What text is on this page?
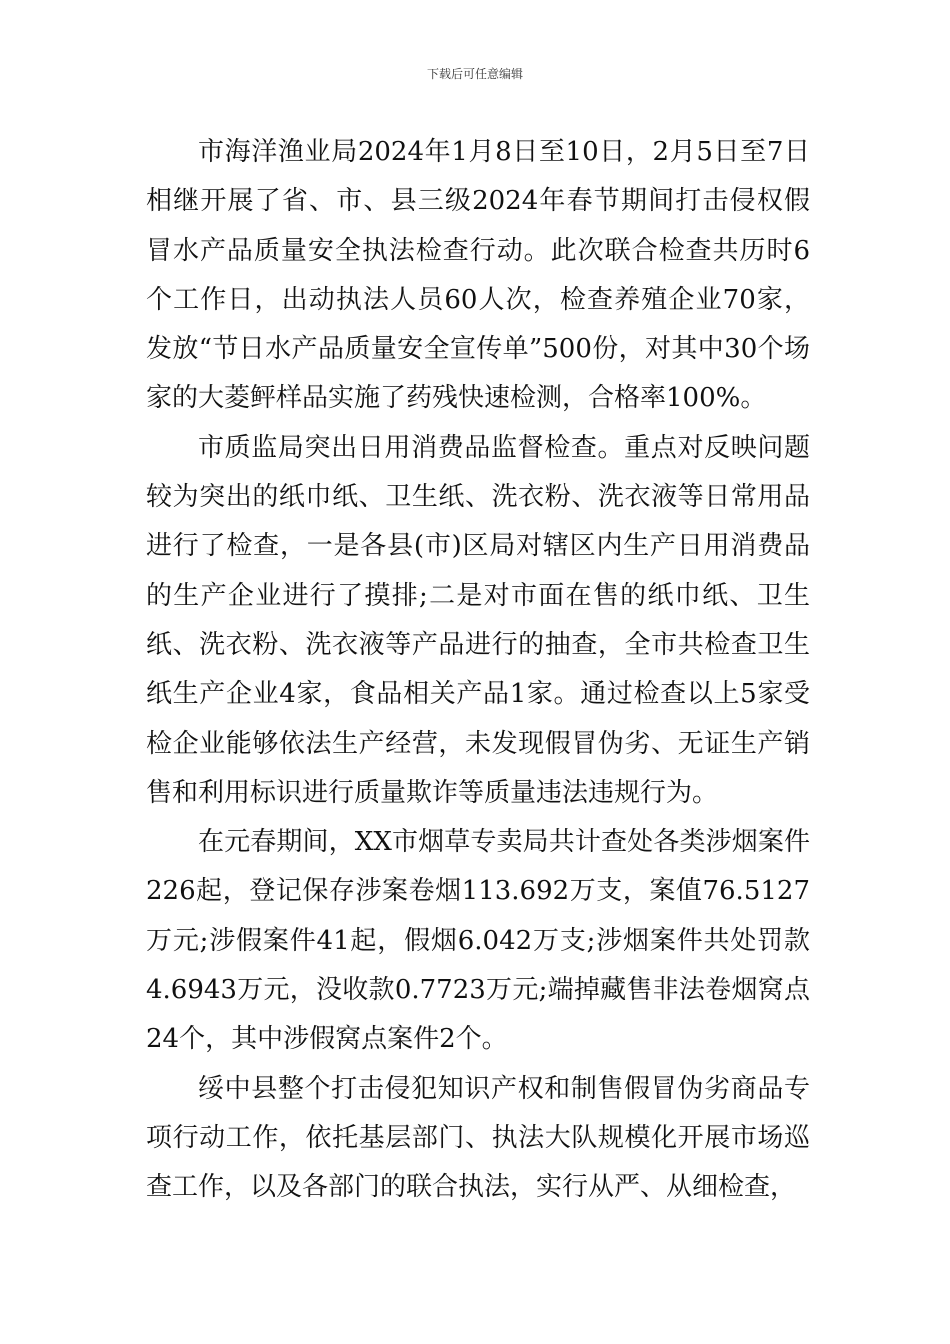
下载后可任意编辑

市海洋渔业局2024年1月8日至10日，2月5日至7日相继开展了省、市、县三级2024年春节期间打击侵权假冒水产品质量安全执法检查行动。此次联合检查共历时6个工作日，出动执法人员60人次，检查养殖企业70家，发放“节日水产品质量安全宣传单”500份，对其中30个场家的大菱鲆样品实施了药残快速检测，合格率100%。

市质监局突出日用消费品监督检查。重点对反映问题较为突出的纸巾纸、卫生纸、洗衣粉、洗衣液等日常用品进行了检查，一是各县(市)区局对辖区内生产日用消费品的生产企业进行了摸排;二是对市面在售的纸巾纸、卫生纸、洗衣粉、洗衣液等产品进行的抽查，全市共检查卫生纸生产企业4家，食品相关产品1家。通过检查以上5家受检企业能够依法生产经营，未发现假冒伪劣、无证生产销售和利用标识进行质量欺诈等质量违法违规行为。

在元春期间，XX市烟草专卖局共计查处各类涉烟案件226起，登记保存涉案卷烟113.692万支，案值76.5127万元;涉假案件41起，假烟6.042万支;涉烟案件共处罚款4.6943万元，没收款0.7723万元;端掉藏售非法卷烟窝点24个，其中涉假窝点案件2个。

绥中县整个打击侵犯知识产权和制售假冒伪劣商品专项行动工作，依托基层部门、执法大队规模化开展市场巡查工作，以及各部门的联合执法，实行从严、从细检查，
